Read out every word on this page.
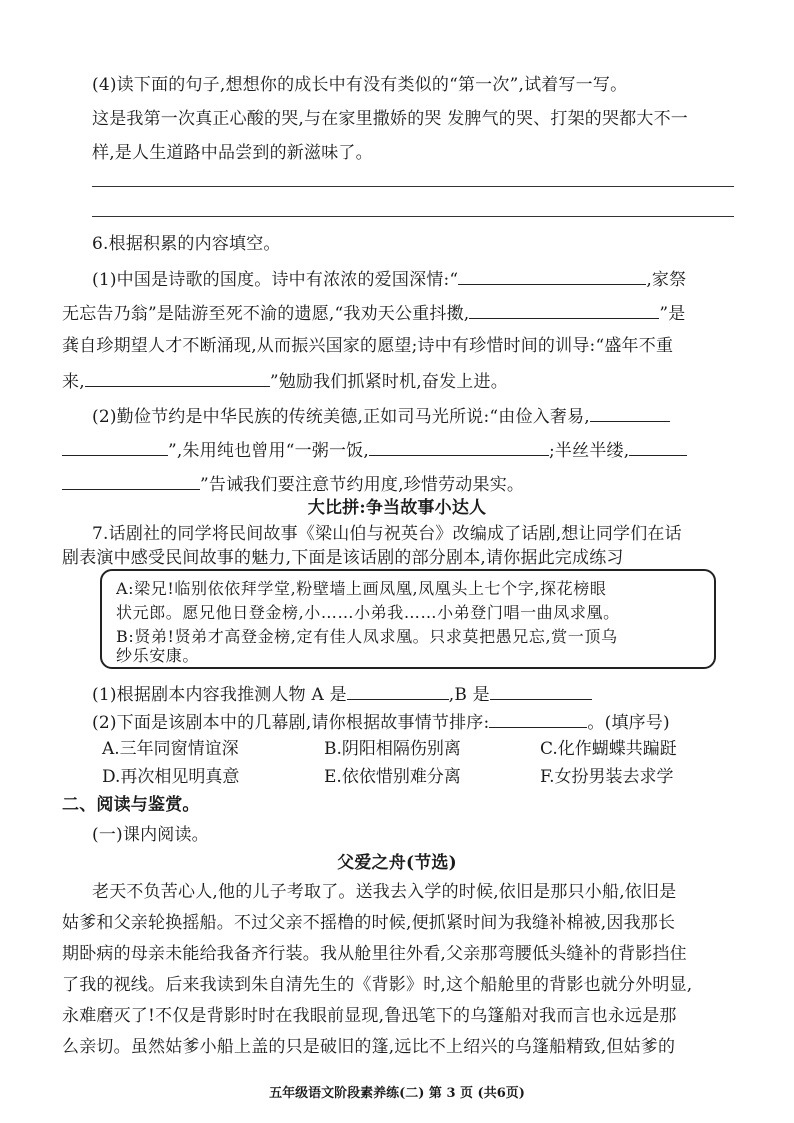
(4)读下面的句子,想想你的成长中有没有类似的“第一次”,试着写一写。
这是我第一次真正心酸的哭,与在家里撒娇的哭 发脾气的哭、打架的哭都大不一
样,是人生道路中品尝到的新滋味了。
6.根据积累的内容填空。
(1)中国是诗歌的国度。诗中有浓浓的爱国深情:“	,家祭
无忘告乃翁”是陆游至死不渝的遗愿,“我劝天公重抖擞,	”是
龚自珍期望人才不断涌现,从而振兴国家的愿望;诗中有珍惜时间的训导:“盛年不重
来,	”勉励我们抓紧时机,奋发上进。
(2)勤俭节约是中华民族的传统美德,正如司马光所说:“由俭入奢易,
”,朱用纯也曾用“一粥一饭,	;半丝半缕,
”告诫我们要注意节约用度,珍惜劳动果实。
大比拼:争当故事小达人
7.话剧社的同学将民间故事《梁山伯与祝英台》改编成了话剧,想让同学们在话
A:梁兄!临别依依拜学堂,粉壁墙上画凤凰,凤凰头上七个字,探花榜眼
状元郎。愿兄他日登金榜,小……小弟我……小弟登门唱一曲凤求凰。
B:贤弟!贤弟才高登金榜,定有佳人凤求凰。只求莫把愚兄忘,赏一顶乌
纱乐安康。
(1)根据剧本内容我推测人物 A 是	,B 是
(2)下面是该剧本中的几幕剧,请你根据故事情节排序:	。(填序号)
A.三年同窗情谊深	B.阴阳相隔伤别离	C.化作蝴蝶共蹁跹
D.再次相见明真意	E.依依惜别难分离	F.女扮男装去求学
二、阅读与鉴赏。
(一)课内阅读。
父爱之舟(节选)
老天不负苦心人,他的儿子考取了。送我去入学的时候,依旧是那只小船,依旧是
姑爹和父亲轮换摇船。不过父亲不摇橹的时候,便抓紧时间为我缝补棉被,因我那长
期卧病的母亲未能给我备齐行装。我从舱里往外看,父亲那弯腰低头缝补的背影挡住
了我的视线。后来我读到朱自清先生的《背影》时,这个船舱里的背影也就分外明显,
永难磨灭了!不仅是背影时时在我眼前显现,鲁迅笔下的乌篷船对我而言也永远是那
么亲切。虽然姑爹小船上盖的只是破旧的篷,远比不上绍兴的乌篷船精致,但姑爹的
五年级语文阶段素养练(二) 第 3 页 (共6页)
剧表演中感受民间故事的魅力,下面是该话剧的部分剧本,请你据此完成练习
